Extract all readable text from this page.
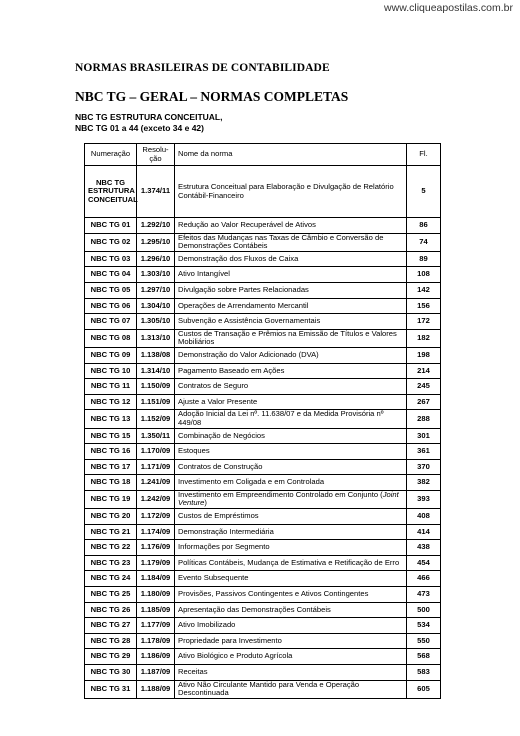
www.cliqueapostilas.com.br
NORMAS BRASILEIRAS DE CONTABILIDADE
NBC TG – GERAL – NORMAS COMPLETAS
NBC TG ESTRUTURA CONCEITUAL,
NBC TG 01 a 44 (exceto 34 e 42)
Numeração	Resolu-ção	Nome da norma	Fl.
NBC TG ESTRUTURA CONCEITUAL	1.374/11	Estrutura Conceitual para Elaboração e Divulgação de Relatório Contábil-Financeiro	5
NBC TG 01	1.292/10	Redução ao Valor Recuperável de Ativos	86
NBC TG 02	1.295/10	Efeitos das Mudanças nas Taxas de Câmbio e Conversão de Demonstrações Contábeis	74
NBC TG 03	1.296/10	Demonstração dos Fluxos de Caixa	89
NBC TG 04	1.303/10	Ativo Intangível	108
NBC TG 05	1.297/10	Divulgação sobre Partes Relacionadas	142
NBC TG 06	1.304/10	Operações de Arrendamento Mercantil	156
NBC TG 07	1.305/10	Subvenção e Assistência Governamentais	172
NBC TG 08	1.313/10	Custos de Transação e Prêmios na Emissão de Títulos e Valores Mobiliários	182
NBC TG 09	1.138/08	Demonstração do Valor Adicionado (DVA)	198
NBC TG 10	1.314/10	Pagamento Baseado em Ações	214
NBC TG 11	1.150/09	Contratos de Seguro	245
NBC TG 12	1.151/09	Ajuste a Valor Presente	267
NBC TG 13	1.152/09	Adoção Inicial da Lei nº. 11.638/07 e da Medida Provisória nº 449/08	288
NBC TG 15	1.350/11	Combinação de Negócios	301
NBC TG 16	1.170/09	Estoques	361
NBC TG 17	1.171/09	Contratos de Construção	370
NBC TG 18	1.241/09	Investimento em Coligada e em Controlada	382
NBC TG 19	1.242/09	Investimento em Empreendimento Controlado em Conjunto (Joint Venture)	393
NBC TG 20	1.172/09	Custos de Empréstimos	408
NBC TG 21	1.174/09	Demonstração Intermediária	414
NBC TG 22	1.176/09	Informações por Segmento	438
NBC TG 23	1.179/09	Políticas Contábeis, Mudança de Estimativa e Retificação de Erro	454
NBC TG 24	1.184/09	Evento Subsequente	466
NBC TG 25	1.180/09	Provisões, Passivos Contingentes e Ativos Contingentes	473
NBC TG 26	1.185/09	Apresentação das Demonstrações Contábeis	500
NBC TG 27	1.177/09	Ativo Imobilizado	534
NBC TG 28	1.178/09	Propriedade para Investimento	550
NBC TG 29	1.186/09	Ativo Biológico e Produto Agrícola	568
NBC TG 30	1.187/09	Receitas	583
NBC TG 31	1.188/09	Ativo Não Circulante Mantido para Venda e Operação Descontinuada	605
